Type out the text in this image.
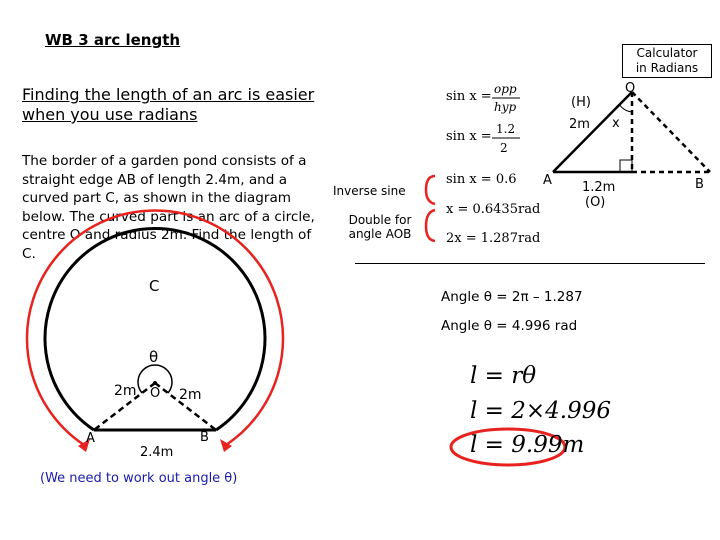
WB 3 arc length
Calculator
in Radians
Finding the length of an arc is easier when you use radians
The border of a garden pond consists of a straight edge AB of length 2.4m, and a curved part C, as shown in the diagram below. The curved part is an arc of a circle, centre O and radius 2m. Find the length of C.
C
θ
O
2m	2m
A	B
2.4m
(We need to work out angle θ)
sin x = opp
hyp
sin x = 1.2
2
sin x = 0.6
x = 0.6435rad
2x = 1.287rad
Inverse sine
Double for
angle AOB
O
(H)
2m x
A	B
1.2m
(O)
Angle θ = 2π – 1.287
Angle θ = 4.996 rad
l = rθ
l = 2×4.996
l = 9.99m
